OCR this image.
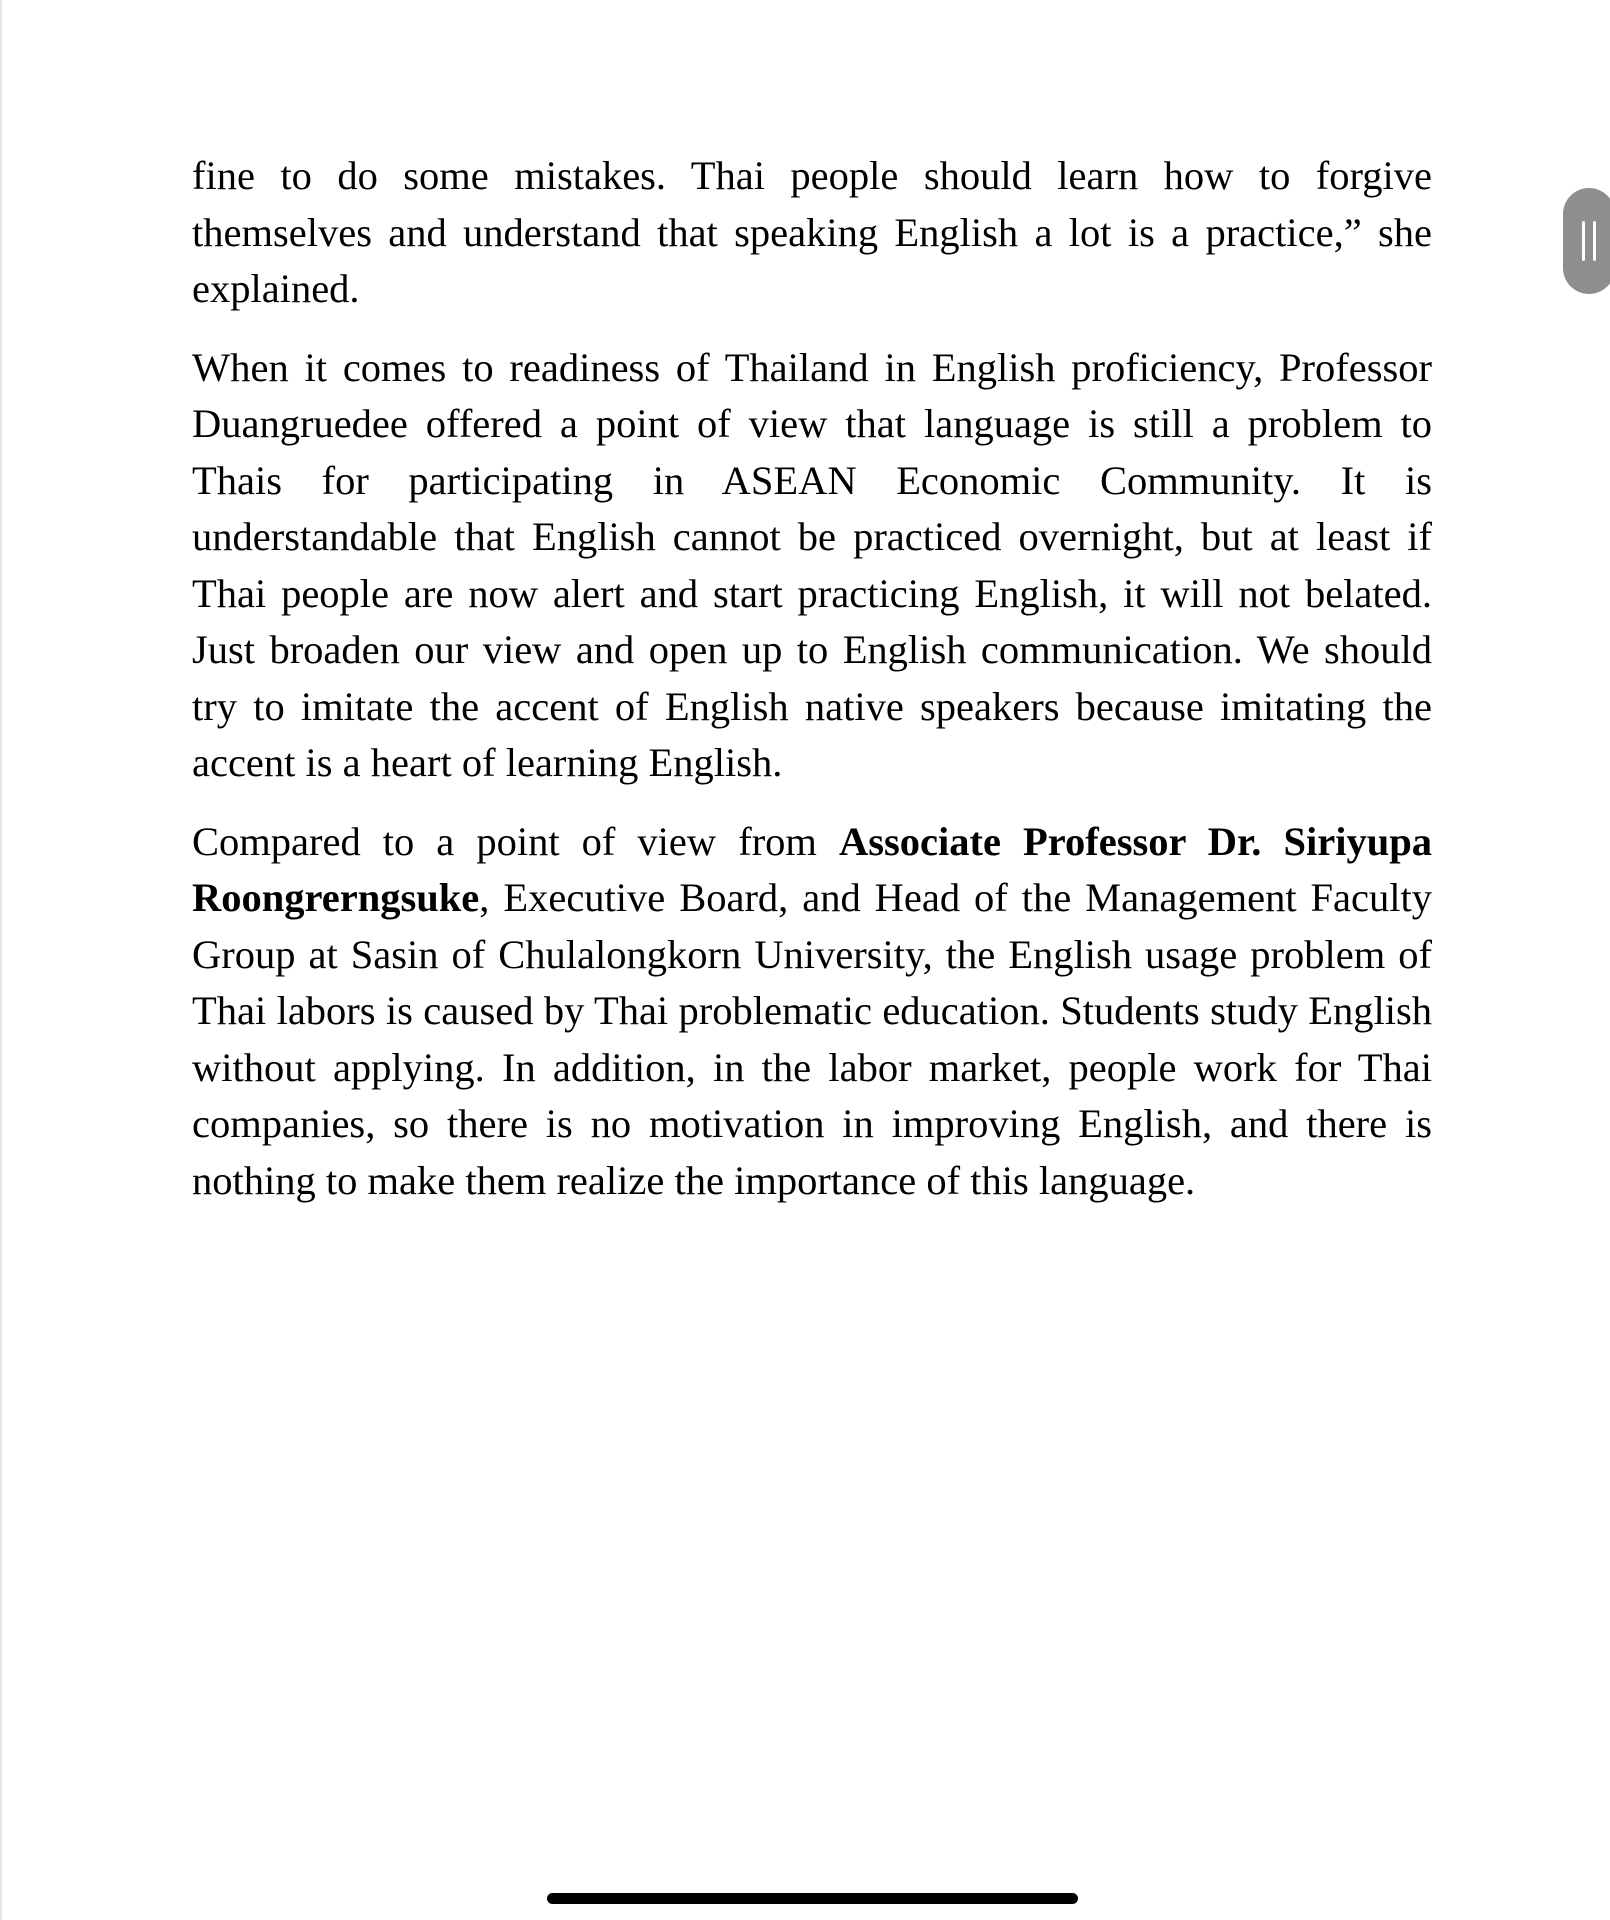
fine to do some mistakes. Thai people should learn how to forgive themselves and understand that speaking English a lot is a practice,” she explained.

When it comes to readiness of Thailand in English proficiency, Professor Duangruedee offered a point of view that language is still a problem to Thais for participating in ASEAN Economic Community. It is understandable that English cannot be practiced overnight, but at least if Thai people are now alert and start practicing English, it will not belated. Just broaden our view and open up to English communication. We should try to imitate the accent of English native speakers because imitating the accent is a heart of learning English.

Compared to a point of view from Associate Professor Dr. Siriyupa Roongrerngsuke, Executive Board, and Head of the Management Faculty Group at Sasin of Chulalongkorn University, the English usage problem of Thai labors is caused by Thai problematic education. Students study English without applying. In addition, in the labor market, people work for Thai companies, so there is no motivation in improving English, and there is nothing to make them realize the importance of this language.
